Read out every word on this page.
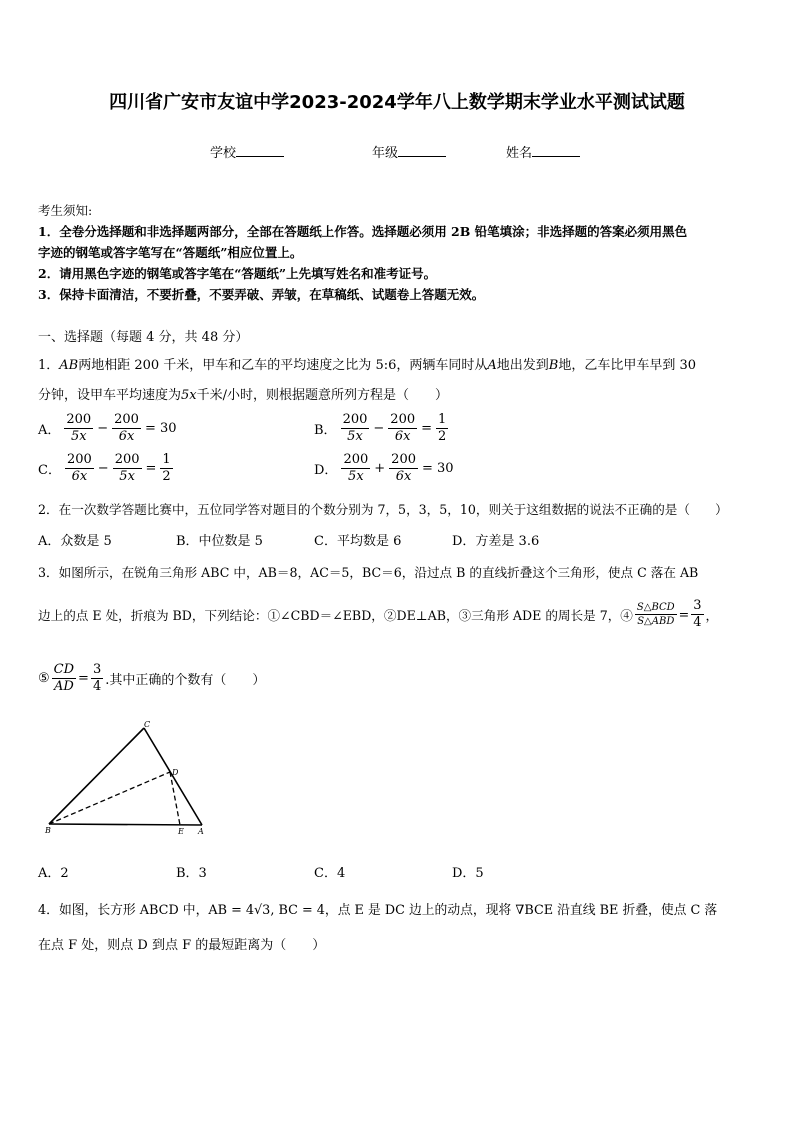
四川省广安市友谊中学2023-2024学年八上数学期末学业水平测试试题
学校	年级	姓名
考生须知:
1．全卷分选择题和非选择题两部分，全部在答题纸上作答。选择题必须用 2B 铅笔填涂；非选择题的答案必须用黑色
字迹的钢笔或答字笔写在“答题纸”相应位置上。
2．请用黑色字迹的钢笔或答字笔在“答题纸”上先填写姓名和准考证号。
3．保持卡面清洁，不要折叠，不要弄破、弄皱，在草稿纸、试题卷上答题无效。
一、选择题（每题 4 分，共 48 分）
1．AB两地相距 200 千米，甲车和乙车的平均速度之比为 5:6，两辆车同时从A地出发到B地，乙车比甲车早到 30
分钟，设甲车平均速度为5x千米/小时，则根据题意所列方程是（　　）
A． $\frac{200}{5x} - \frac{200}{6x} = 30$	B． $\frac{200}{5x} - \frac{200}{6x} = \frac{1}{2}$
C． $\frac{200}{6x} - \frac{200}{5x} = \frac{1}{2}$	D． $\frac{200}{5x} + \frac{200}{6x} = 30$
2．在一次数学答题比赛中，五位同学答对题目的个数分别为 7，5，3，5，10，则关于这组数据的说法不正确的是（　　）
A．众数是 5	B．中位数是 5	C．平均数是 6	D．方差是 3.6
3．如图所示，在锐角三角形 ABC 中，AB＝8，AC＝5，BC＝6，沿过点 B 的直线折叠这个三角形，使点 C 落在 AB
边上的点 E 处，折痕为 BD，下列结论：①∠CBD＝∠EBD，②DE⊥AB，③三角形 ADE 的周长是 7，④ $\frac{\text{S△BCD}}{\text{S△ABD}} = \frac{3}{4}$ ，
⑤ $\frac{CD}{AD} = \frac{3}{4}$ .其中正确的个数有（　　）
C
D
B	E A
A．2	B．3	C．4	D．5
4．如图，长方形 ABCD 中，AB = 4√3, BC = 4，点 E 是 DC 边上的动点，现将 ∇BCE 沿直线 BE 折叠，使点 C 落
在点 F 处，则点 D 到点 F 的最短距离为（　　）
